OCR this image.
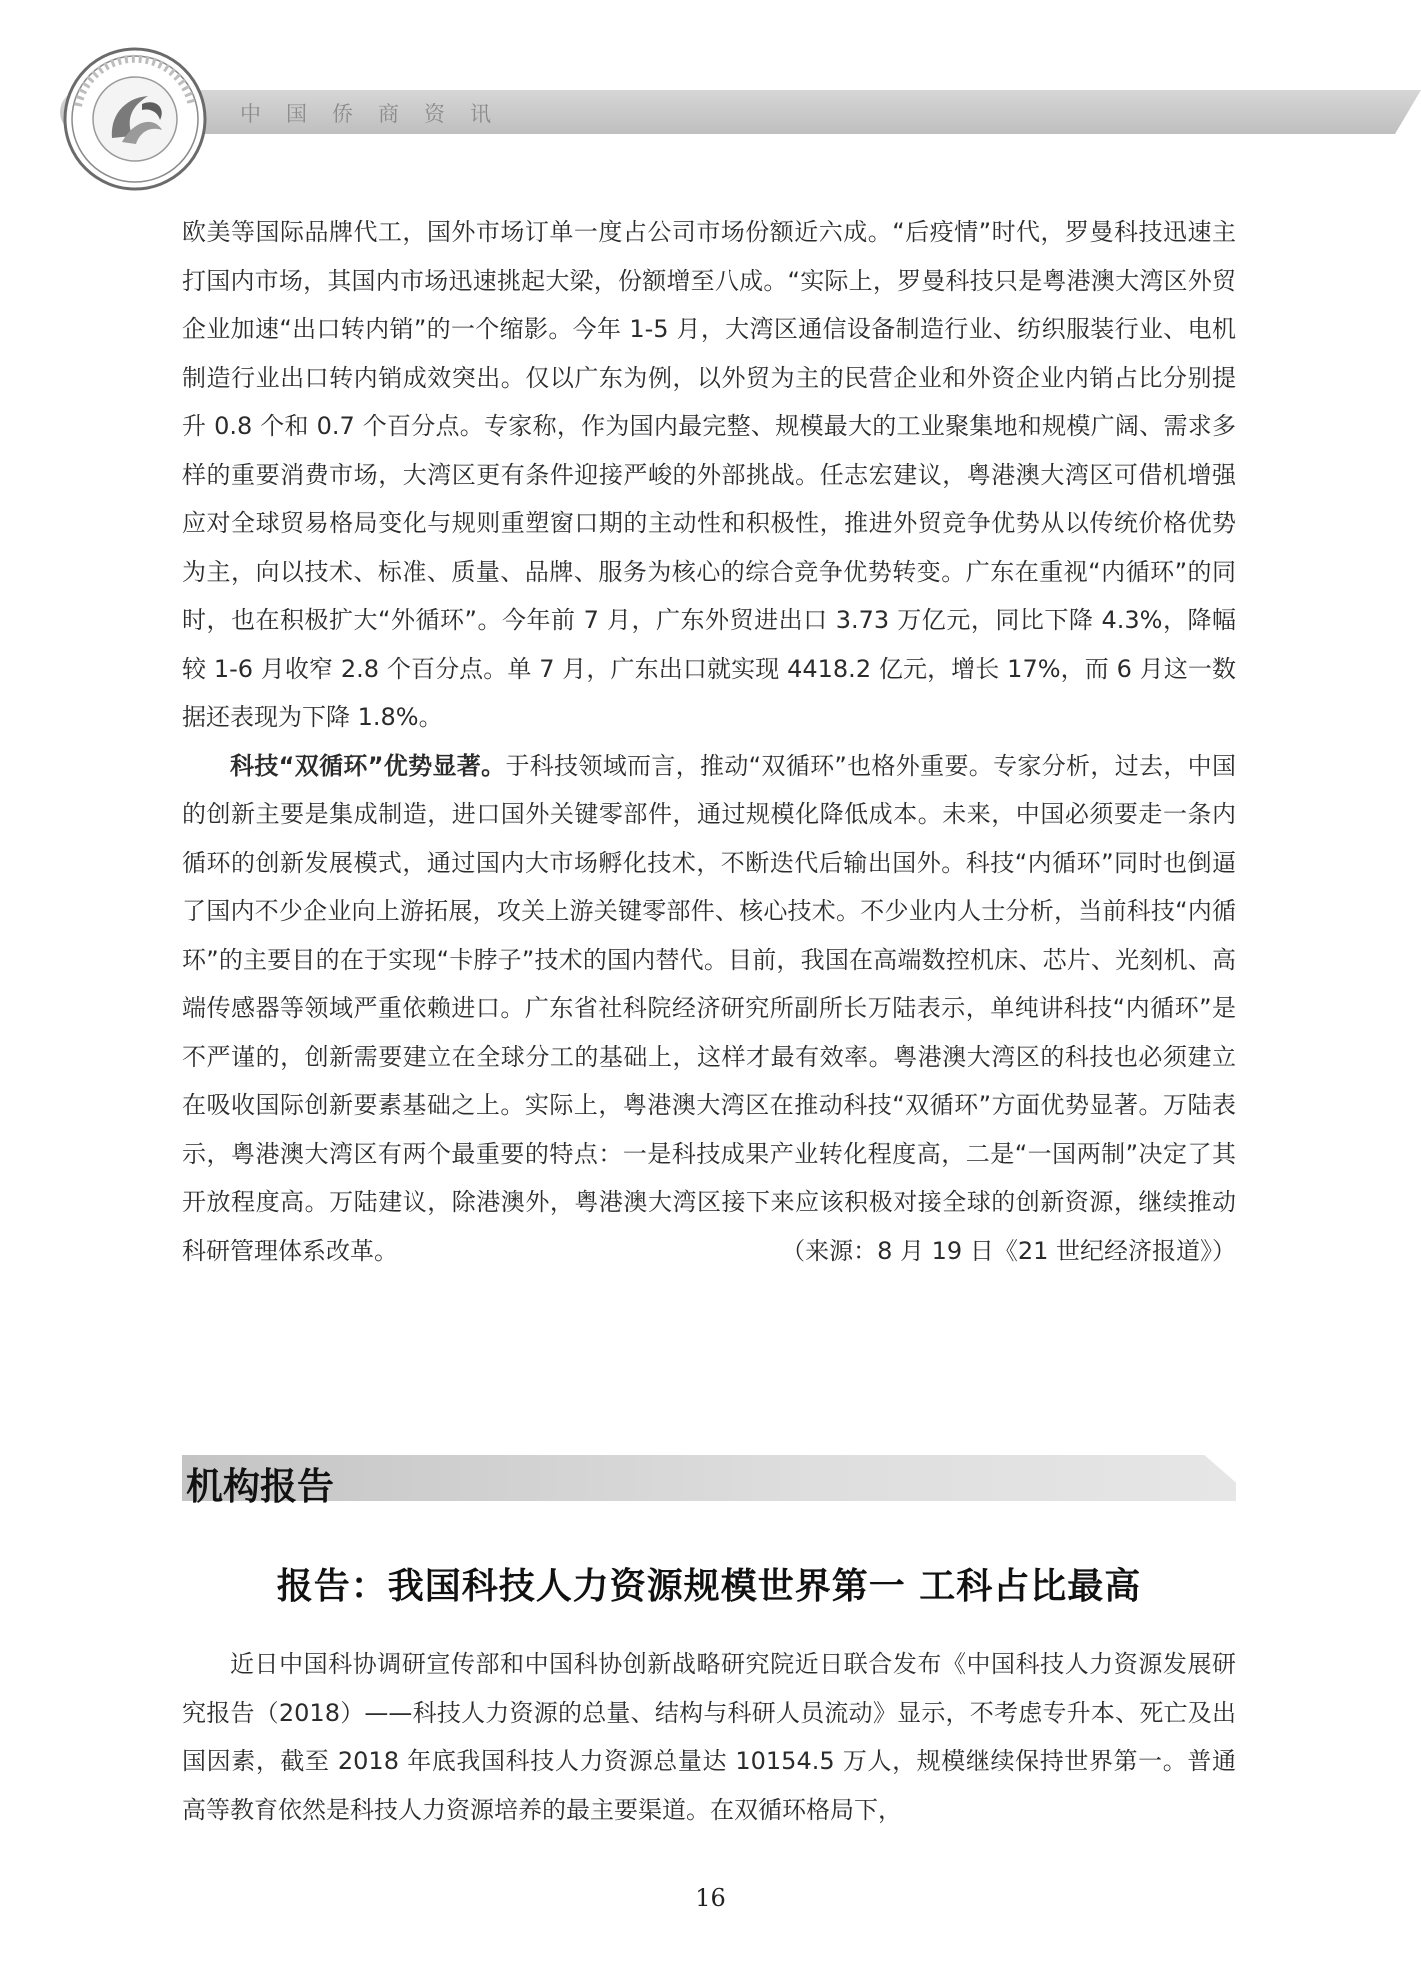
中国侨商资讯

欧美等国际品牌代工，国外市场订单一度占公司市场份额近六成。“后疫情”时代，罗曼科技迅速主打国内市场，其国内市场迅速挑起大梁，份额增至八成。“实际上，罗曼科技只是粤港澳大湾区外贸企业加速“出口转内销”的一个缩影。今年 1-5 月，大湾区通信设备制造行业、纺织服装行业、电机制造行业出口转内销成效突出。仅以广东为例，以外贸为主的民营企业和外资企业内销占比分别提升 0.8 个和 0.7 个百分点。专家称，作为国内最完整、规模最大的工业聚集地和规模广阔、需求多样的重要消费市场，大湾区更有条件迎接严峻的外部挑战。任志宏建议，粤港澳大湾区可借机增强应对全球贸易格局变化与规则重塑窗口期的主动性和积极性，推进外贸竞争优势从以传统价格优势为主，向以技术、标准、质量、品牌、服务为核心的综合竞争优势转变。广东在重视“内循环”的同时，也在积极扩大“外循环”。今年前 7 月，广东外贸进出口 3.73 万亿元，同比下降 4.3%，降幅较 1-6 月收窄 2.8 个百分点。单 7 月，广东出口就实现 4418.2 亿元，增长 17%，而 6 月这一数据还表现为下降 1.8%。

科技“双循环”优势显著。于科技领域而言，推动“双循环”也格外重要。专家分析，过去，中国的创新主要是集成制造，进口国外关键零部件，通过规模化降低成本。未来，中国必须要走一条内循环的创新发展模式，通过国内大市场孵化技术，不断迭代后输出国外。科技“内循环”同时也倒逼了国内不少企业向上游拓展，攻关上游关键零部件、核心技术。不少业内人士分析，当前科技“内循环”的主要目的在于实现“卡脖子”技术的国内替代。目前，我国在高端数控机床、芯片、光刻机、高端传感器等领域严重依赖进口。广东省社科院经济研究所副所长万陆表示，单纯讲科技“内循环”是不严谨的，创新需要建立在全球分工的基础上，这样才最有效率。粤港澳大湾区的科技也必须建立在吸收国际创新要素基础之上。实际上，粤港澳大湾区在推动科技“双循环”方面优势显著。万陆表示，粤港澳大湾区有两个最重要的特点：一是科技成果产业转化程度高，二是“一国两制”决定了其开放程度高。万陆建议，除港澳外，粤港澳大湾区接下来应该积极对接全球的创新资源，继续推动科研管理体系改革。	（来源：8 月 19 日《21 世纪经济报道》）

机构报告
报告：我国科技人力资源规模世界第一 工科占比最高

近日中国科协调研宣传部和中国科协创新战略研究院近日联合发布《中国科技人力资源发展研究报告（2018）——科技人力资源的总量、结构与科研人员流动》显示，不考虑专升本、死亡及出国因素，截至 2018 年底我国科技人力资源总量达 10154.5 万人，规模继续保持世界第一。普通高等教育依然是科技人力资源培养的最主要渠道。在双循环格局下，

16
